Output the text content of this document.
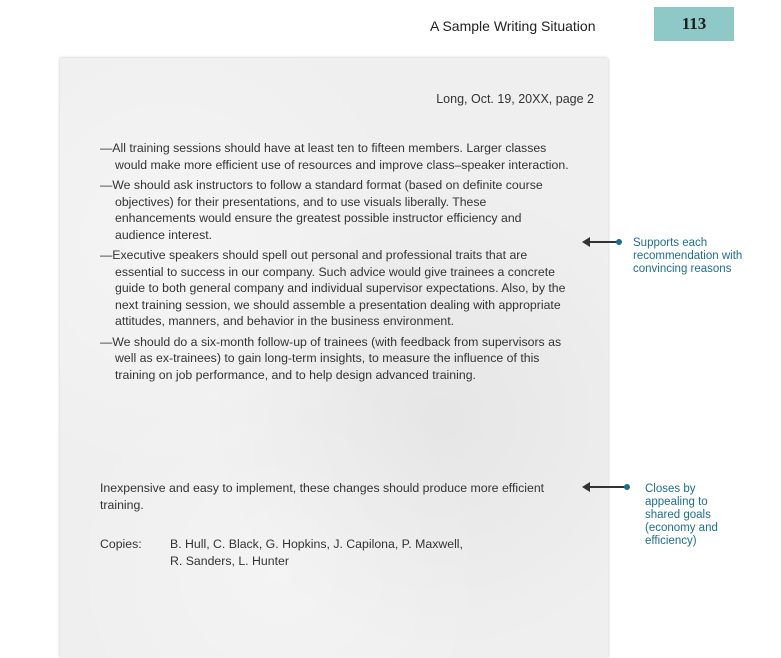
A Sample Writing Situation	113
Long, Oct. 19, 20XX, page 2

—All training sessions should have at least ten to fifteen members. Larger classes would make more efficient use of resources and improve class–speaker interaction.

—We should ask instructors to follow a standard format (based on definite course objectives) for their presentations, and to use visuals liberally. These enhancements would ensure the greatest possible instructor efficiency and audience interest.

—Executive speakers should spell out personal and professional traits that are essential to success in our company. Such advice would give trainees a concrete guide to both general company and individual supervisor expectations. Also, by the next training session, we should assemble a presentation dealing with appropriate attitudes, manners, and behavior in the business environment.

—We should do a six-month follow-up of trainees (with feedback from supervisors as well as ex-trainees) to gain long-term insights, to measure the influence of this training on job performance, and to help design advanced training.

Inexpensive and easy to implement, these changes should produce more efficient training.
Copies:	B. Hull, C. Black, G. Hopkins, J. Capilona, P. Maxwell,
R. Sanders, L. Hunter
Supports each recommendation with convincing reasons
Closes by appealing to shared goals (economy and efficiency)
